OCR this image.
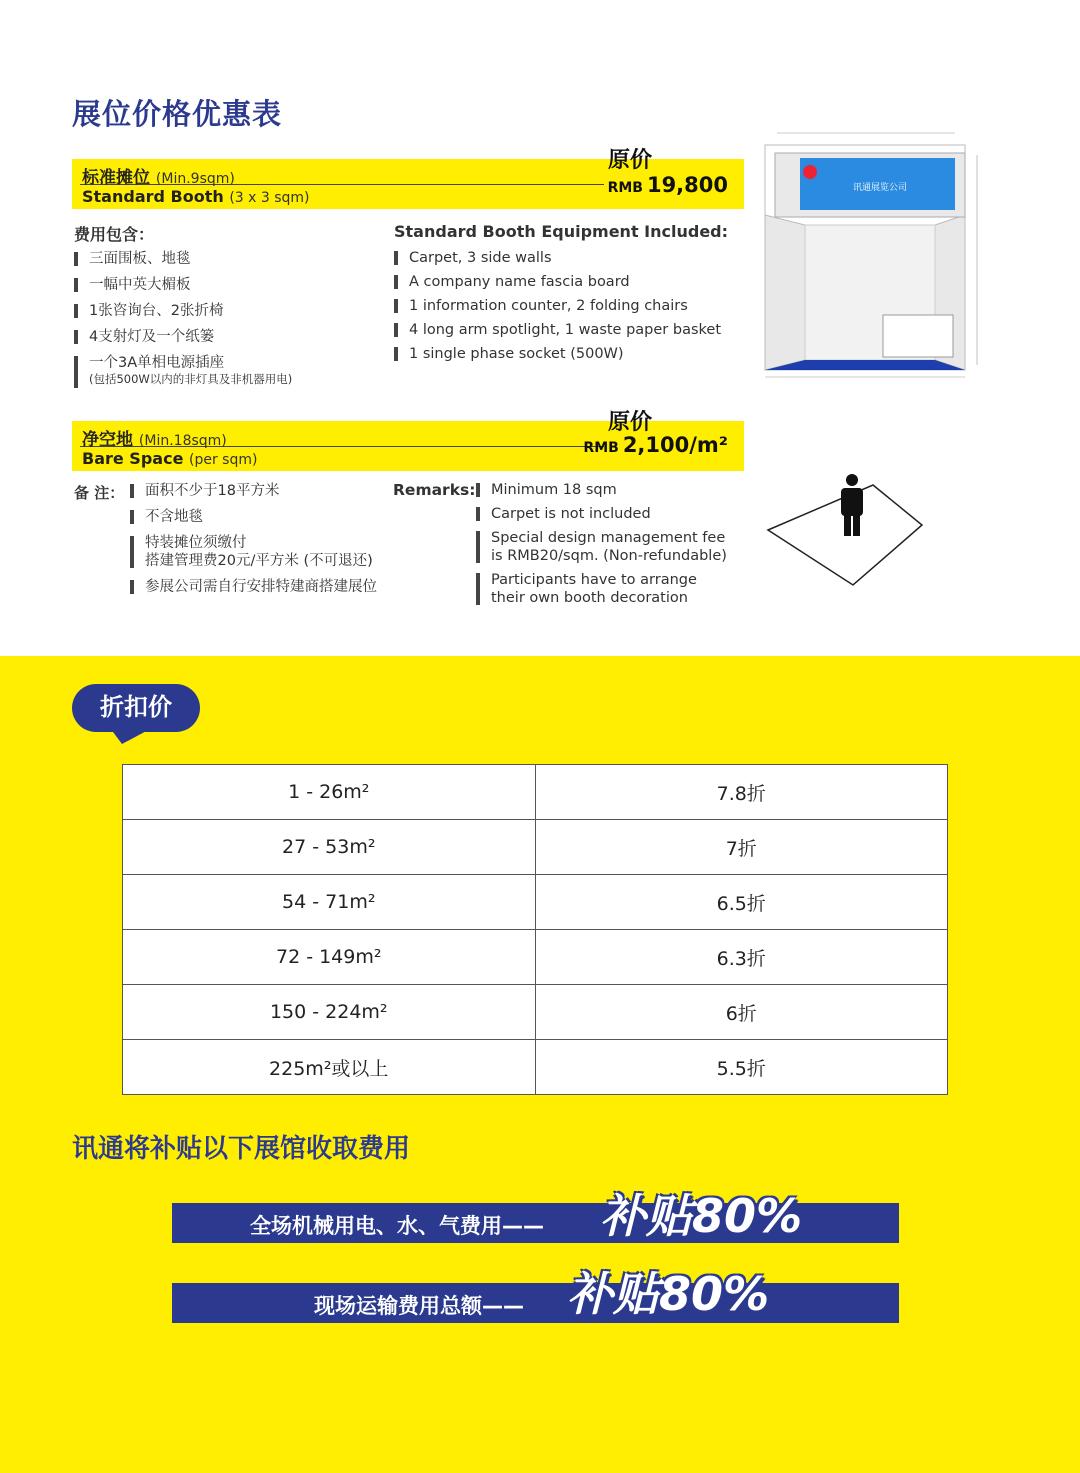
展位价格优惠表
标准摊位 (Min.9sqm)
Standard Booth (3 x 3 sqm)
原价
RMB 19,800
费用包含：
三面围板、地毯
一幅中英大楣板
1张咨询台、2张折椅
4支射灯及一个纸篓
一个3A单相电源插座
(包括500W以内的非灯具及非机器用电)
Standard Booth Equipment Included:
Carpet, 3 side walls
A company name fascia board
1 information counter, 2 folding chairs
4 long arm spotlight, 1 waste paper basket
1 single phase socket (500W)
讯通展览公司
净空地 (Min.18sqm)
Bare Space (per sqm)
原价
RMB 2,100/m²
备 注：	面积不少于18平方米
不含地毯
特装摊位须缴付
搭建管理费20元/平方米 (不可退还)
参展公司需自行安排特建商搭建展位
Remarks:	Minimum 18 sqm
Carpet is not included
Special design management fee
is RMB20/sqm. (Non-refundable)
Participants have to arrange
their own booth decoration
折扣价
1 - 26m²	7.8折
27 - 53m²	7折
54 - 71m²	6.5折
72 - 149m²	6.3折
150 - 224m²	6折
225m²或以上	5.5折
讯通将补贴以下展馆收取费用
全场机械用电、水、气费用—— 补贴80%
现场运输费用总额—— 补贴80%
